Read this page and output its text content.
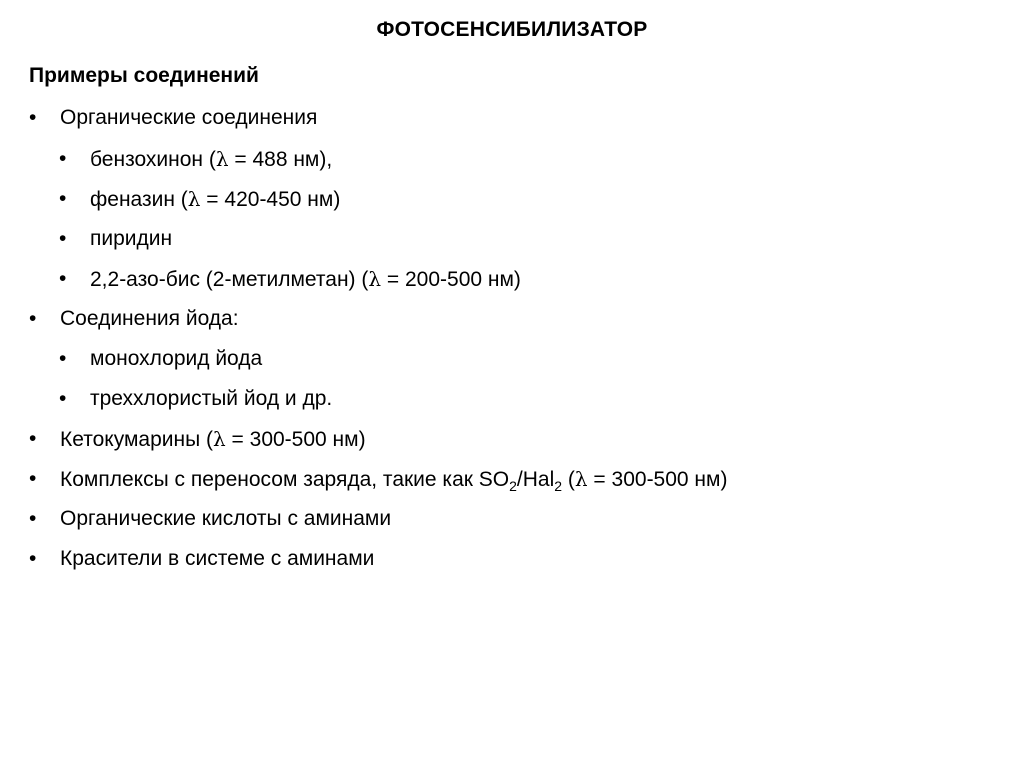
ФОТОСЕНСИБИЛИЗАТОР
Примеры соединений
• Органические соединения
• бензохинон (λ = 488 нм),
• феназин (λ = 420-450 нм)
• пиридин
• 2,2-азо-бис (2-метилметан) (λ = 200-500 нм)
• Соединения йода:
• монохлорид йода
• треххлористый йод и др.
• Кетокумарины (λ = 300-500 нм)
• Комплексы с переносом заряда, такие как $SO_2/Hal_2$ (λ = 300-500 нм)
• Органические кислоты с аминами
• Красители в системе с аминами
